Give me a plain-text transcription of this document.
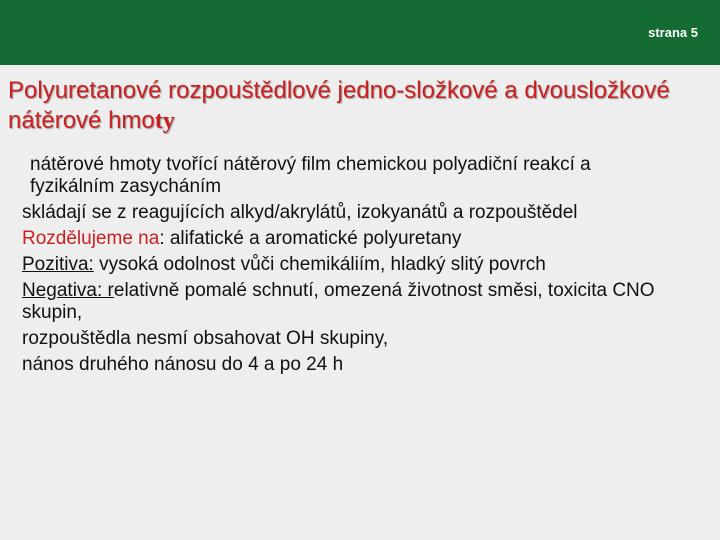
strana 5
Polyuretanové rozpouštědlové jedno-složkové a dvousložkové nátěrové hmoty

nátěrové hmoty tvořící nátěrový film chemickou polyadiční reakcí a fyzikálním zasycháním

skládají se z reagujících alkyd/akrylátů, izokyanátů a rozpouštědel

Rozdělujeme na: alifatické a aromatické polyuretany

Pozitiva: vysoká odolnost vůči chemikáliím, hladký slitý povrch

Negativa: relativně pomalé schnutí, omezená životnost směsi, toxicita CNO skupin,

rozpouštědla nesmí obsahovat OH skupiny,

nános druhého nánosu do 4 a po 24 h
